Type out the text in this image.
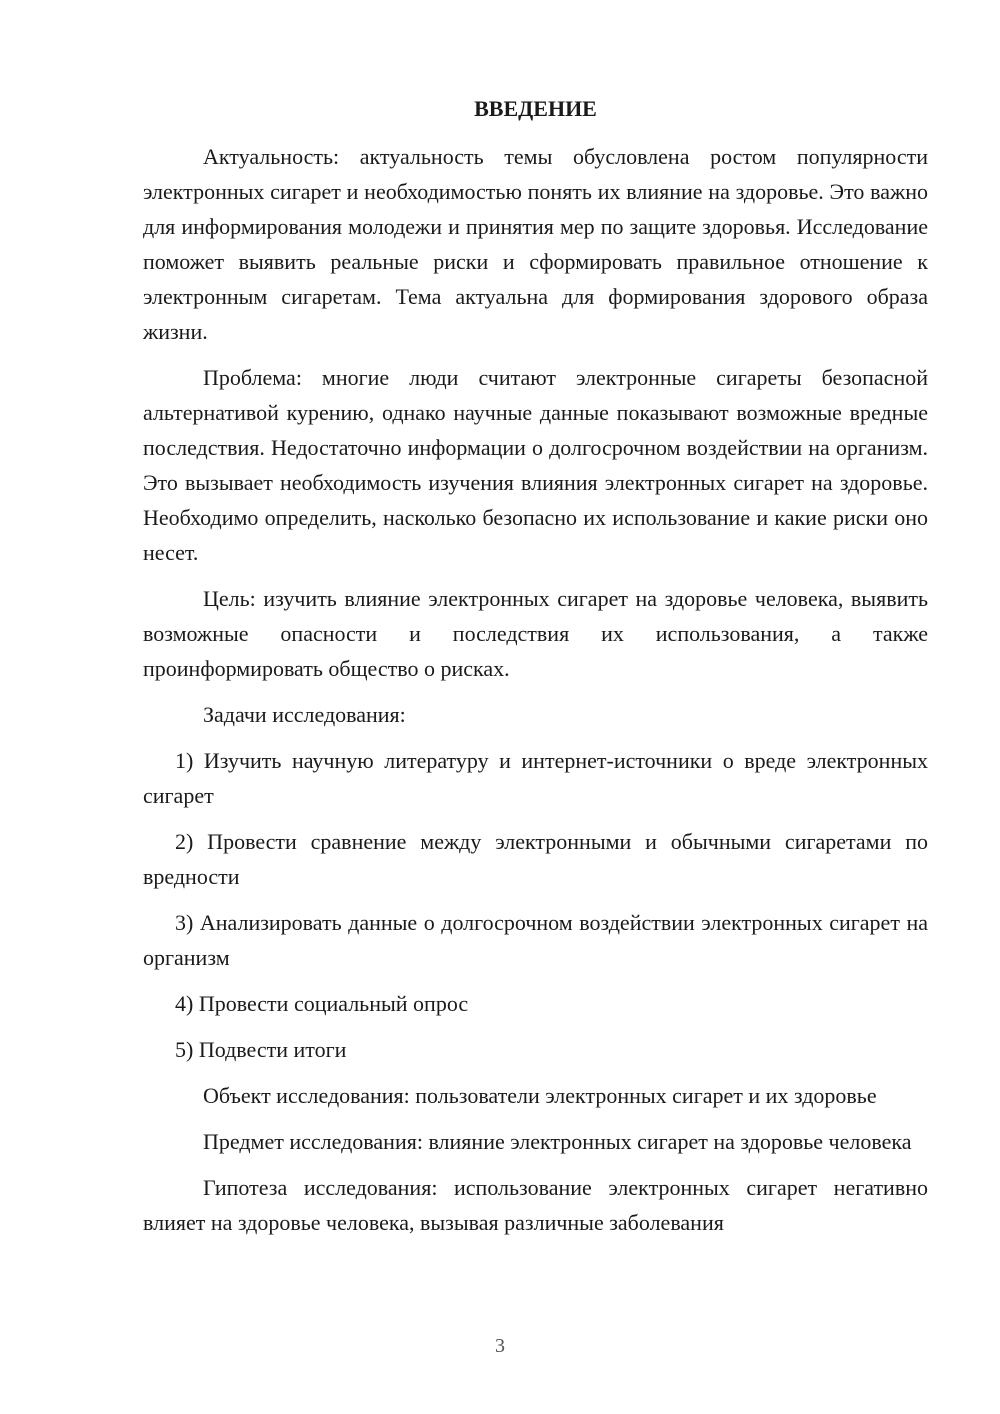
ВВЕДЕНИЕ

Актуальность: актуальность темы обусловлена ростом популярности электронных сигарет и необходимостью понять их влияние на здоровье. Это важно для информирования молодежи и принятия мер по защите здоровья. Исследование поможет выявить реальные риски и сформировать правильное отношение к электронным сигаретам. Тема актуальна для формирования здорового образа жизни.

Проблема: многие люди считают электронные сигареты безопасной альтернативой курению, однако научные данные показывают возможные вредные последствия. Недостаточно информации о долгосрочном воздействии на организм. Это вызывает необходимость изучения влияния электронных сигарет на здоровье. Необходимо определить, насколько безопасно их использование и какие риски оно несет.

Цель: изучить влияние электронных сигарет на здоровье человека, выявить возможные опасности и последствия их использования, а также проинформировать общество о рисках.

Задачи исследования:

1) Изучить научную литературу и интернет-источники о вреде электронных сигарет

2) Провести сравнение между электронными и обычными сигаретами по вредности

3) Анализировать данные о долгосрочном воздействии электронных сигарет на организм

4) Провести социальный опрос

5) Подвести итоги

Объект исследования: пользователи электронных сигарет и их здоровье

Предмет исследования: влияние электронных сигарет на здоровье человека

Гипотеза исследования: использование электронных сигарет негативно влияет на здоровье человека, вызывая различные заболевания

3
